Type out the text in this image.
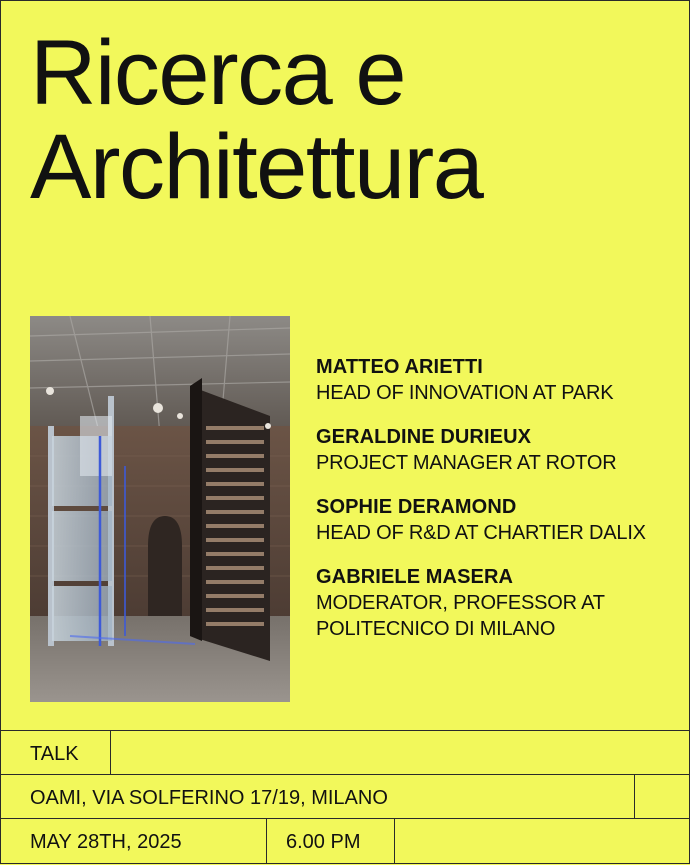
Ricerca e
Architettura
MATTEO ARIETTI
HEAD OF INNOVATION AT PARK
GERALDINE DURIEUX
PROJECT MANAGER AT ROTOR
SOPHIE DERAMOND
HEAD OF R&D AT CHARTIER DALIX
GABRIELE MASERA
MODERATOR, PROFESSOR AT
POLITECNICO DI MILANO
TALK
OAMI, VIA SOLFERINO 17/19, MILANO
MAY 28TH, 2025	6.00 PM
